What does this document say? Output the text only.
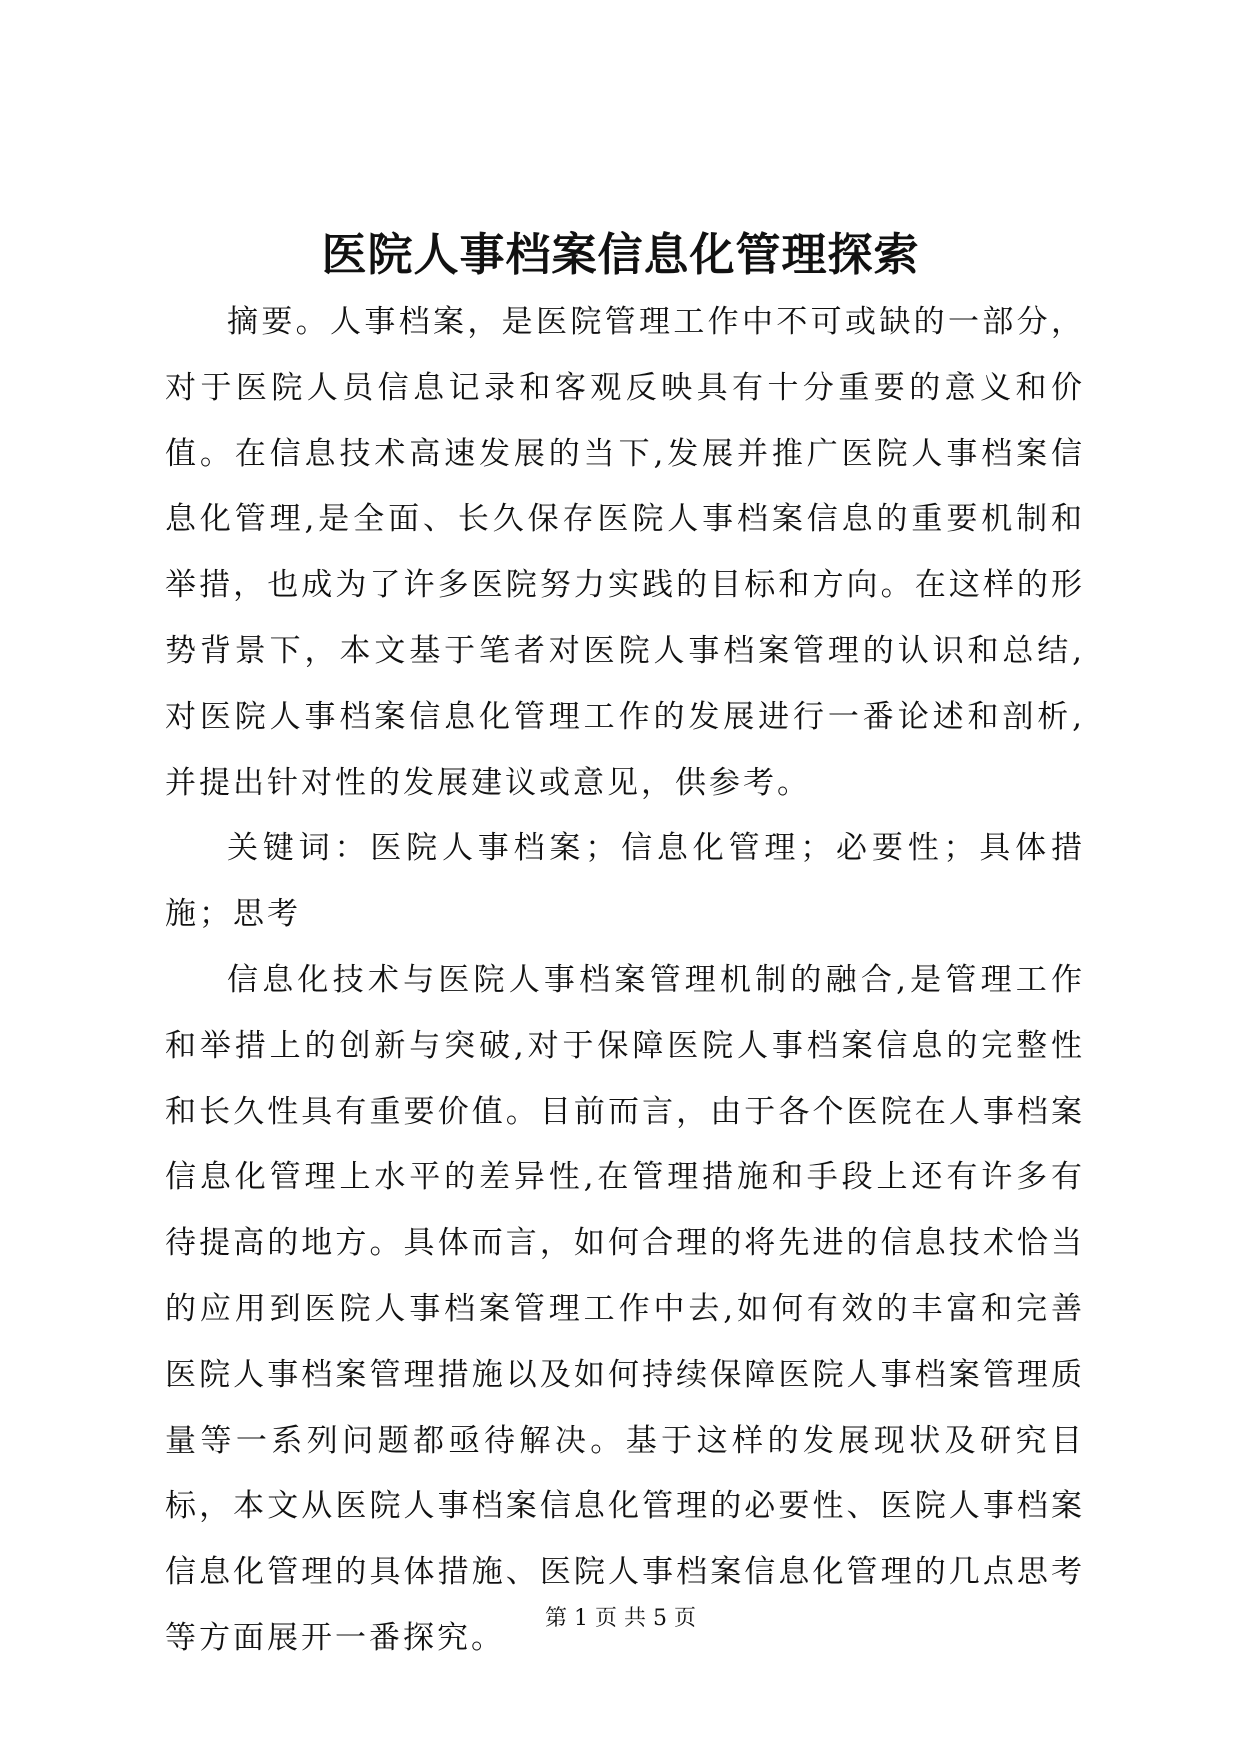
医院人事档案信息化管理探索

摘要。人事档案，是医院管理工作中不可或缺的一部分，对于医院人员信息记录和客观反映具有十分重要的意义和价值。在信息技术高速发展的当下,发展并推广医院人事档案信息化管理,是全面、长久保存医院人事档案信息的重要机制和举措，也成为了许多医院努力实践的目标和方向。在这样的形势背景下，本文基于笔者对医院人事档案管理的认识和总结,对医院人事档案信息化管理工作的发展进行一番论述和剖析,并提出针对性的发展建议或意见，供参考。

关键词：医院人事档案；信息化管理；必要性；具体措施；思考

信息化技术与医院人事档案管理机制的融合,是管理工作和举措上的创新与突破,对于保障医院人事档案信息的完整性和长久性具有重要价值。目前而言，由于各个医院在人事档案信息化管理上水平的差异性,在管理措施和手段上还有许多有待提高的地方。具体而言，如何合理的将先进的信息技术恰当的应用到医院人事档案管理工作中去,如何有效的丰富和完善医院人事档案管理措施以及如何持续保障医院人事档案管理质量等一系列问题都亟待解决。基于这样的发展现状及研究目标，本文从医院人事档案信息化管理的必要性、医院人事档案信息化管理的具体措施、医院人事档案信息化管理的几点思考等方面展开一番探究。

第 1 页 共 5 页
